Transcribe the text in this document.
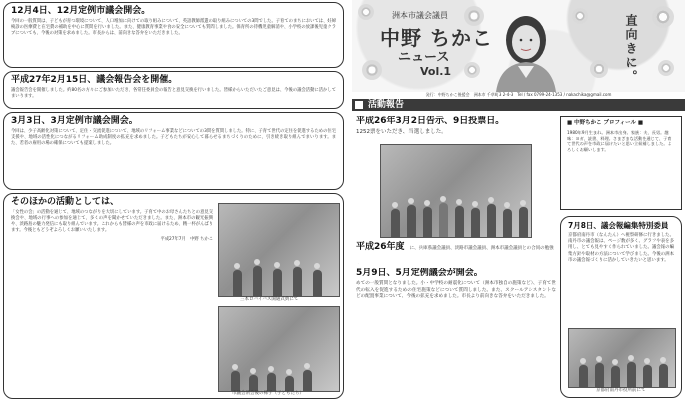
12月4日、12月定例市議会開会。

今回の一般質問は、子どもが育つ環境について、人口増加に向けての取り組みについて、英語教師派遣の取り組みについての3問でした。子育てのまちにおいては、妊婦検診の医療費と在宅費の補助を中心に質問を行いました。また、健康教育事業や食の安全についても質問しました。保育所の待機児童解消や、小学校の放課後児童クラブについても、今後の対策を求めました。市長からは、前向きな答弁をいただきました。

平成27年2月15日、議会報告会を開催。

議会報告会を開催しました。約80名の方々にご参加いただき、各常任委員会の報告と意見交換を行いました。皆様からいただいたご意見は、今後の議会活動に活かしてまいります。

3月3日、3月定例市議会開会。

今回は、少子高齢化対策について、定住・交流促進について、地域のリフォーム事業などについての3問を質問しました。特に、子育て世代の定住を促進するための住宅支援や、地域の活性化につながるリフォーム助成制度の拡充を求めました。子どもたちが安心して暮らせるまちづくりのために、引き続き取り組んでまいります。また、若者の雇用の場の確保についても提案しました。

そのほかの活動としては、

「女性の会」の活動を通じて、地域のつながりを大切にしています。子育て中のお母さんたちとの意見交換会や、地域の行事への参加を通じて、多くの声を聞かせていただきました。また、洲本市の観光振興や、淡路島の魅力発信にも取り組んでいます。これからも皆様の声を市政に届けるため、精一杯がんばります。今後ともどうぞよろしくお願いいたします。

平成27年7月　中野 ちかこ

三本ロバイバス開通式典にて
市議会閉会後の様子（子どもたち）
洲本市議会議員
中野 ちかこ
ニュース
Vol.1	直向きに。
発行：中野ちかこ後援会　洲本市 千草町3 2-4-3　Tel / fax 0799-24-1353 / nakachika@gmail.com
活動報告
平成26年3月2日告示、9日投票日。

1252票をいただき、当選しました。

平成26年度 に、兵庫県議会議員、淡路市議会議員、洲本市議会議員との合同の勉強

5月9日、5月定例議会が開会。

めての一般質問となりました。小・中学校の耐震化について（洲本市独自の施策など）、子育て世代の転入を促進するための住宅施策などについて質問しました。また、スクールアシスタントなどの配置事業について、今後の拡充を求めました。市長より前向きな答弁をいただきました。

■ 中野ちかこ プロフィール ■

1980年9月生まれ。洲本市出身。家族：夫、長男。趣味：ヨガ、読書、料理。さまざまな活動を通じて、子育て世代の声を市政に届けたいと思い立候補しました。よろしくお願いします。

7月8日、議会報編集特別委員

京都府南丹市（なんたん）へ視察研修に行きました。南丹市の議会報は、ページ数が多く、グラフや表を多用し、とても見やすく作られていました。議会報の編集方針や取材の方法について学びました。今後の洲本市の議会報づくりに活かしていきたいと思います。

京都府南丹市役所前にて
